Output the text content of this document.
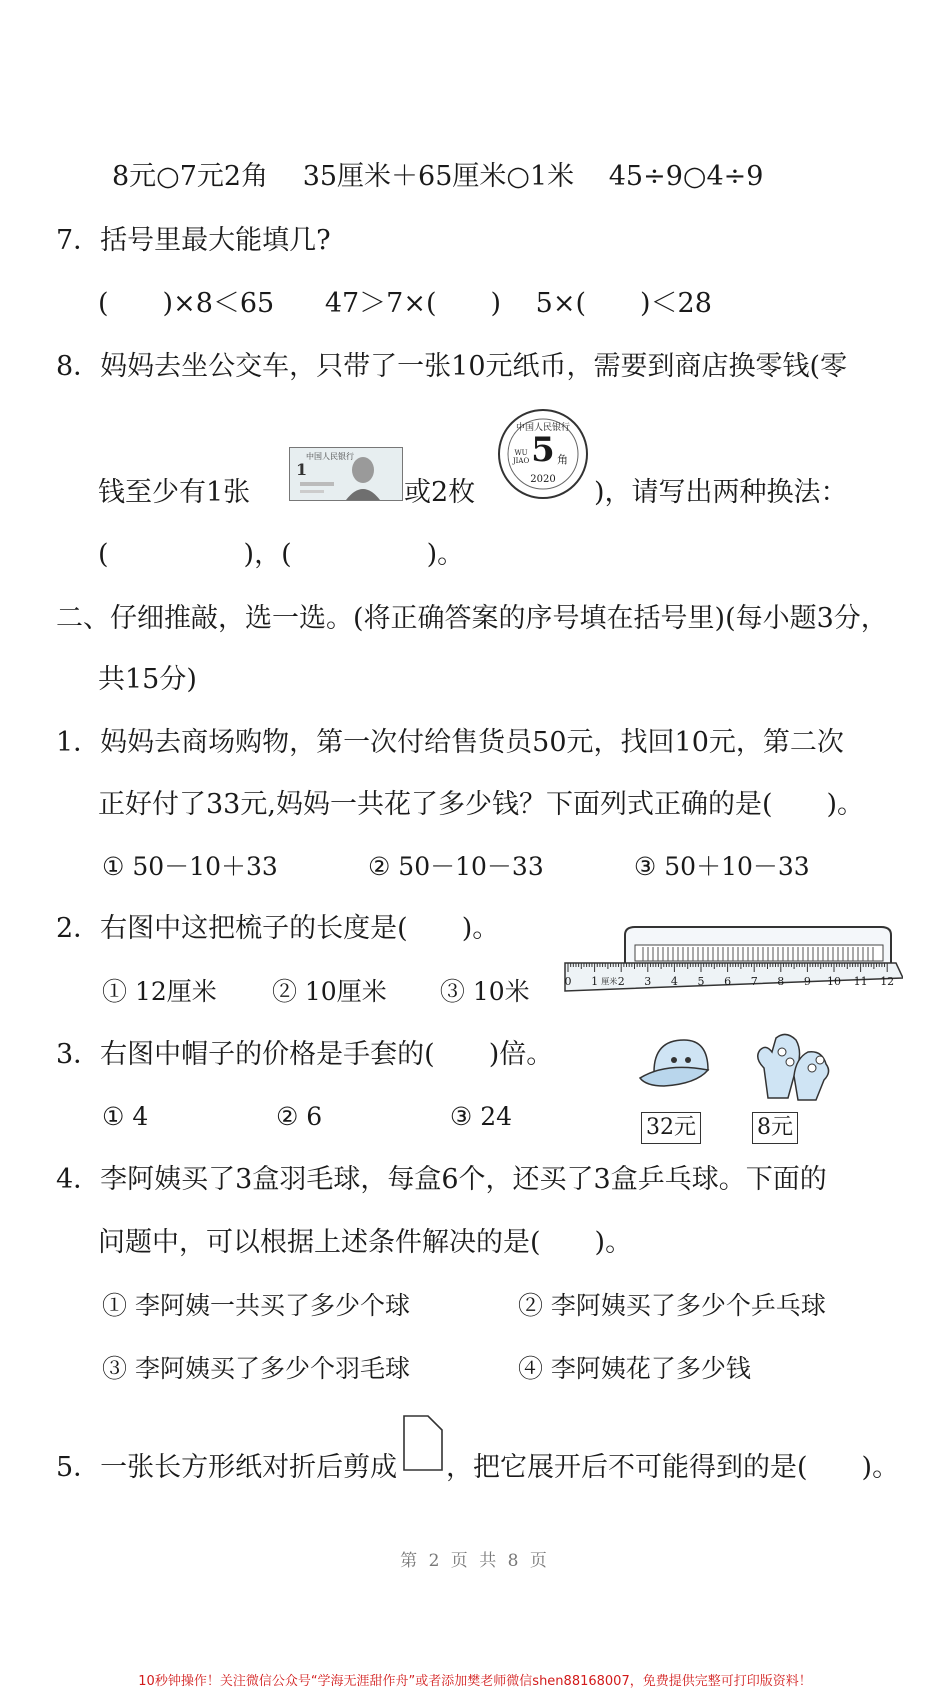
8元○7元2角 35厘米＋65厘米○1米 45÷9○4÷9
7．括号里最大能填几?
(　　)×8＜65 47＞7×(　　) 5×(　　)＜28
8．妈妈去坐公交车，只带了一张10元纸币，需要到商店换零钱(零
钱至少有1张
中国人民银行
1
或2枚
中国人民银行
5 角
WU JIAO
2020	)，请写出两种换法：
(　　　　　)，(　　　　　)。
二、仔细推敲，选一选。(将正确答案的序号填在括号里)(每小题3分，
共15分)
1．妈妈去商场购物，第一次付给售货员50元，找回10元，第二次
正好付了33元,妈妈一共花了多少钱？下面列式正确的是(　　)。
① 50－10＋33	② 50－10－33	③ 50＋10－33
2．右图中这把梳子的长度是(　　)。
① 12厘米 ② 10厘米 ③ 10米	0 1 2 3 4 5 6 7 8 9 10 11 12
厘米
3．右图中帽子的价格是手套的(　　)倍。
① 4	② 6	③ 24	32元	8元
4．李阿姨买了3盒羽毛球，每盒6个，还买了3盒乒乓球。下面的
问题中，可以根据上述条件解决的是(　　)。
① 李阿姨一共买了多少个球	② 李阿姨买了多少个乒乓球
③ 李阿姨买了多少个羽毛球	④ 李阿姨花了多少钱
5．一张长方形纸对折后剪成 ，把它展开后不可能得到的是(　　)。
第 2 页 共 8 页
10秒钟操作！关注微信公众号“学海无涯甜作舟”或者添加樊老师微信shen88168007，免费提供完整可打印版资料！
